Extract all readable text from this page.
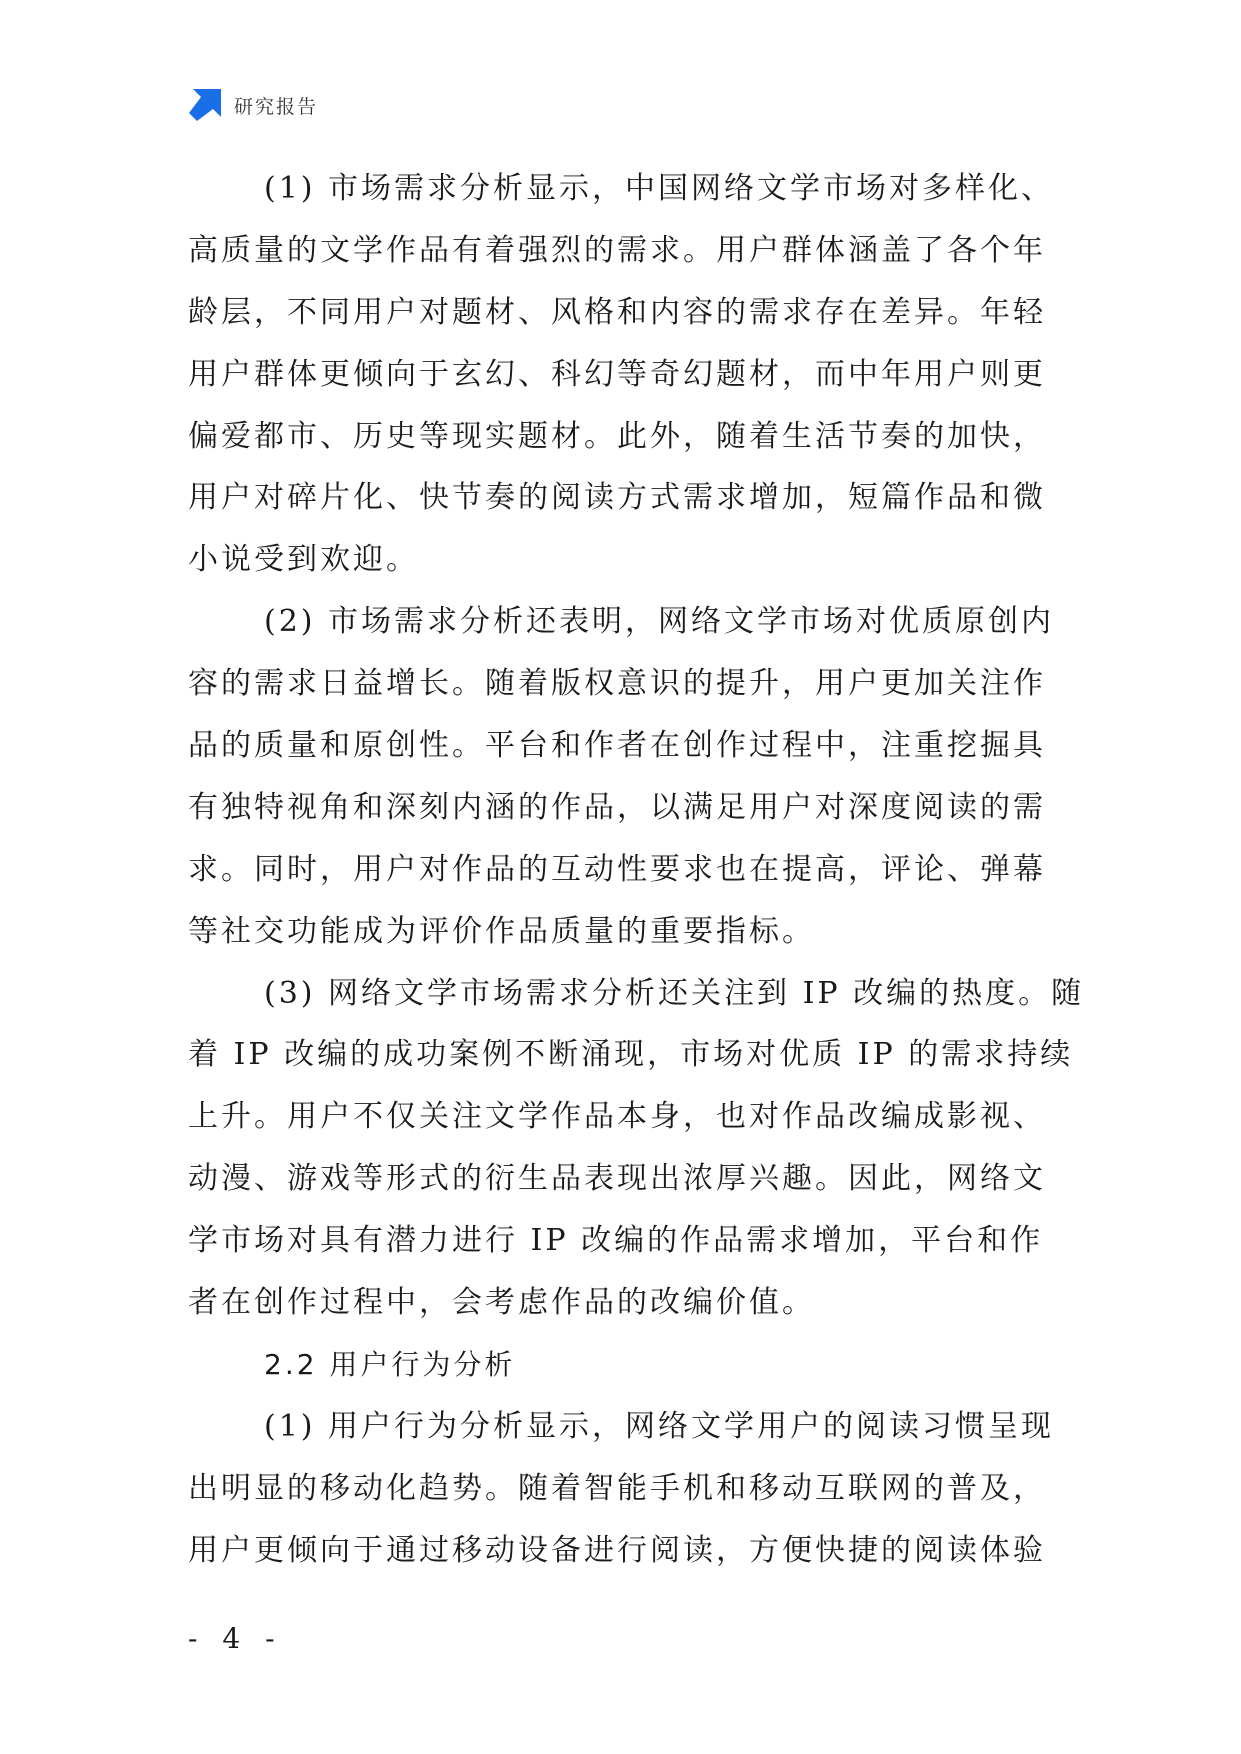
研究报告
(1) 市场需求分析显示，中国网络文学市场对多样化、
高质量的文学作品有着强烈的需求。用户群体涵盖了各个年
龄层，不同用户对题材、风格和内容的需求存在差异。年轻
用户群体更倾向于玄幻、科幻等奇幻题材，而中年用户则更
偏爱都市、历史等现实题材。此外，随着生活节奏的加快，
用户对碎片化、快节奏的阅读方式需求增加，短篇作品和微
小说受到欢迎。
(2) 市场需求分析还表明，网络文学市场对优质原创内
容的需求日益增长。随着版权意识的提升，用户更加关注作
品的质量和原创性。平台和作者在创作过程中，注重挖掘具
有独特视角和深刻内涵的作品，以满足用户对深度阅读的需
求。同时，用户对作品的互动性要求也在提高，评论、弹幕
等社交功能成为评价作品质量的重要指标。
(3) 网络文学市场需求分析还关注到 IP 改编的热度。随
着 IP 改编的成功案例不断涌现，市场对优质 IP 的需求持续
上升。用户不仅关注文学作品本身，也对作品改编成影视、
动漫、游戏等形式的衍生品表现出浓厚兴趣。因此，网络文
学市场对具有潜力进行 IP 改编的作品需求增加，平台和作
者在创作过程中，会考虑作品的改编价值。
2.2 用户行为分析
(1) 用户行为分析显示，网络文学用户的阅读习惯呈现
出明显的移动化趋势。随着智能手机和移动互联网的普及，
用户更倾向于通过移动设备进行阅读，方便快捷的阅读体验
- 4 -
